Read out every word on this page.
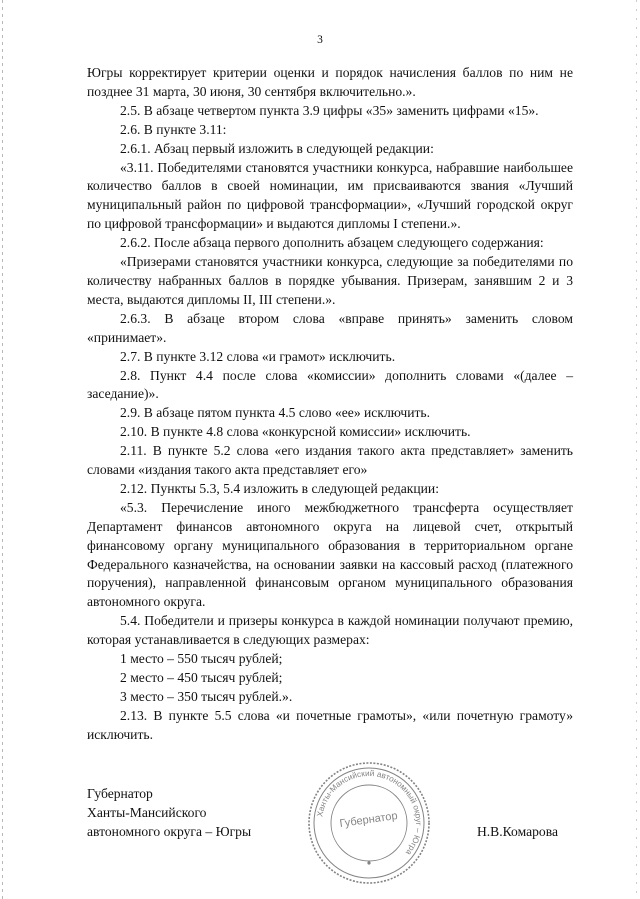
3

Югры корректирует критерии оценки и порядок начисления баллов по ним не позднее 31 марта, 30 июня, 30 сентября включительно.».

2.5. В абзаце четвертом пункта 3.9 цифры «35» заменить цифрами «15».

2.6. В пункте 3.11:

2.6.1. Абзац первый изложить в следующей редакции:

«3.11. Победителями становятся участники конкурса, набравшие наибольшее количество баллов в своей номинации, им присваиваются звания «Лучший муниципальный район по цифровой трансформации», «Лучший городской округ по цифровой трансформации» и выдаются дипломы I степени.».

2.6.2. После абзаца первого дополнить абзацем следующего содержания:

«Призерами становятся участники конкурса, следующие за победителями по количеству набранных баллов в порядке убывания. Призерам, занявшим 2 и 3 места, выдаются дипломы II, III степени.».

2.6.3. В абзаце втором слова «вправе принять» заменить словом «принимает».

2.7. В пункте 3.12 слова «и грамот» исключить.

2.8. Пункт 4.4 после слова «комиссии» дополнить словами «(далее – заседание)».

2.9. В абзаце пятом пункта 4.5 слово «ее» исключить.

2.10. В пункте 4.8 слова «конкурсной комиссии» исключить.

2.11. В пункте 5.2 слова «его издания такого акта представляет» заменить словами «издания такого акта представляет его»

2.12. Пункты 5.3, 5.4 изложить в следующей редакции:

«5.3. Перечисление иного межбюджетного трансферта осуществляет Департамент финансов автономного округа на лицевой счет, открытый финансовому органу муниципального образования в территориальном органе Федерального казначейства, на основании заявки на кассовый расход (платежного поручения), направленной финансовым органом муниципального образования автономного округа.

5.4. Победители и призеры конкурса в каждой номинации получают премию, которая устанавливается в следующих размерах:

1 место – 550 тысяч рублей;

2 место – 450 тысяч рублей;

3 место – 350 тысяч рублей.».

2.13. В пункте 5.5 слова «и почетные грамоты», «или почетную грамоту» исключить.

Губернатор
Ханты-Мансийского
автономного округа – Югры	Н.В.Комарова
Ханты-Мансийский автономный округ – Югра
Губернатор
